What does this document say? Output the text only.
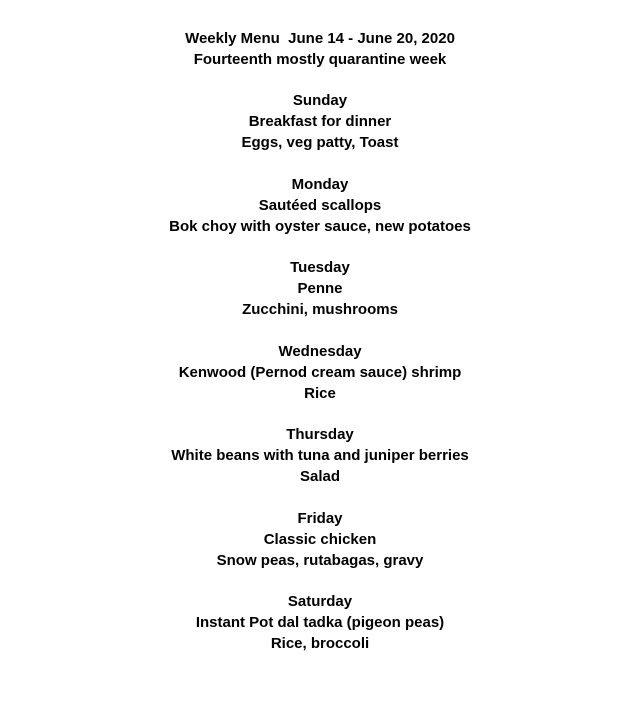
Weekly Menu  June 14 - June 20, 2020
Fourteenth mostly quarantine week
Sunday
Breakfast for dinner
Eggs, veg patty, Toast
Monday
Sautéed scallops
Bok choy with oyster sauce, new potatoes
Tuesday
Penne
Zucchini, mushrooms
Wednesday
Kenwood (Pernod cream sauce) shrimp
Rice
Thursday
White beans with tuna and juniper berries
Salad
Friday
Classic chicken
Snow peas, rutabagas, gravy
Saturday
Instant Pot dal tadka (pigeon peas)
Rice, broccoli
